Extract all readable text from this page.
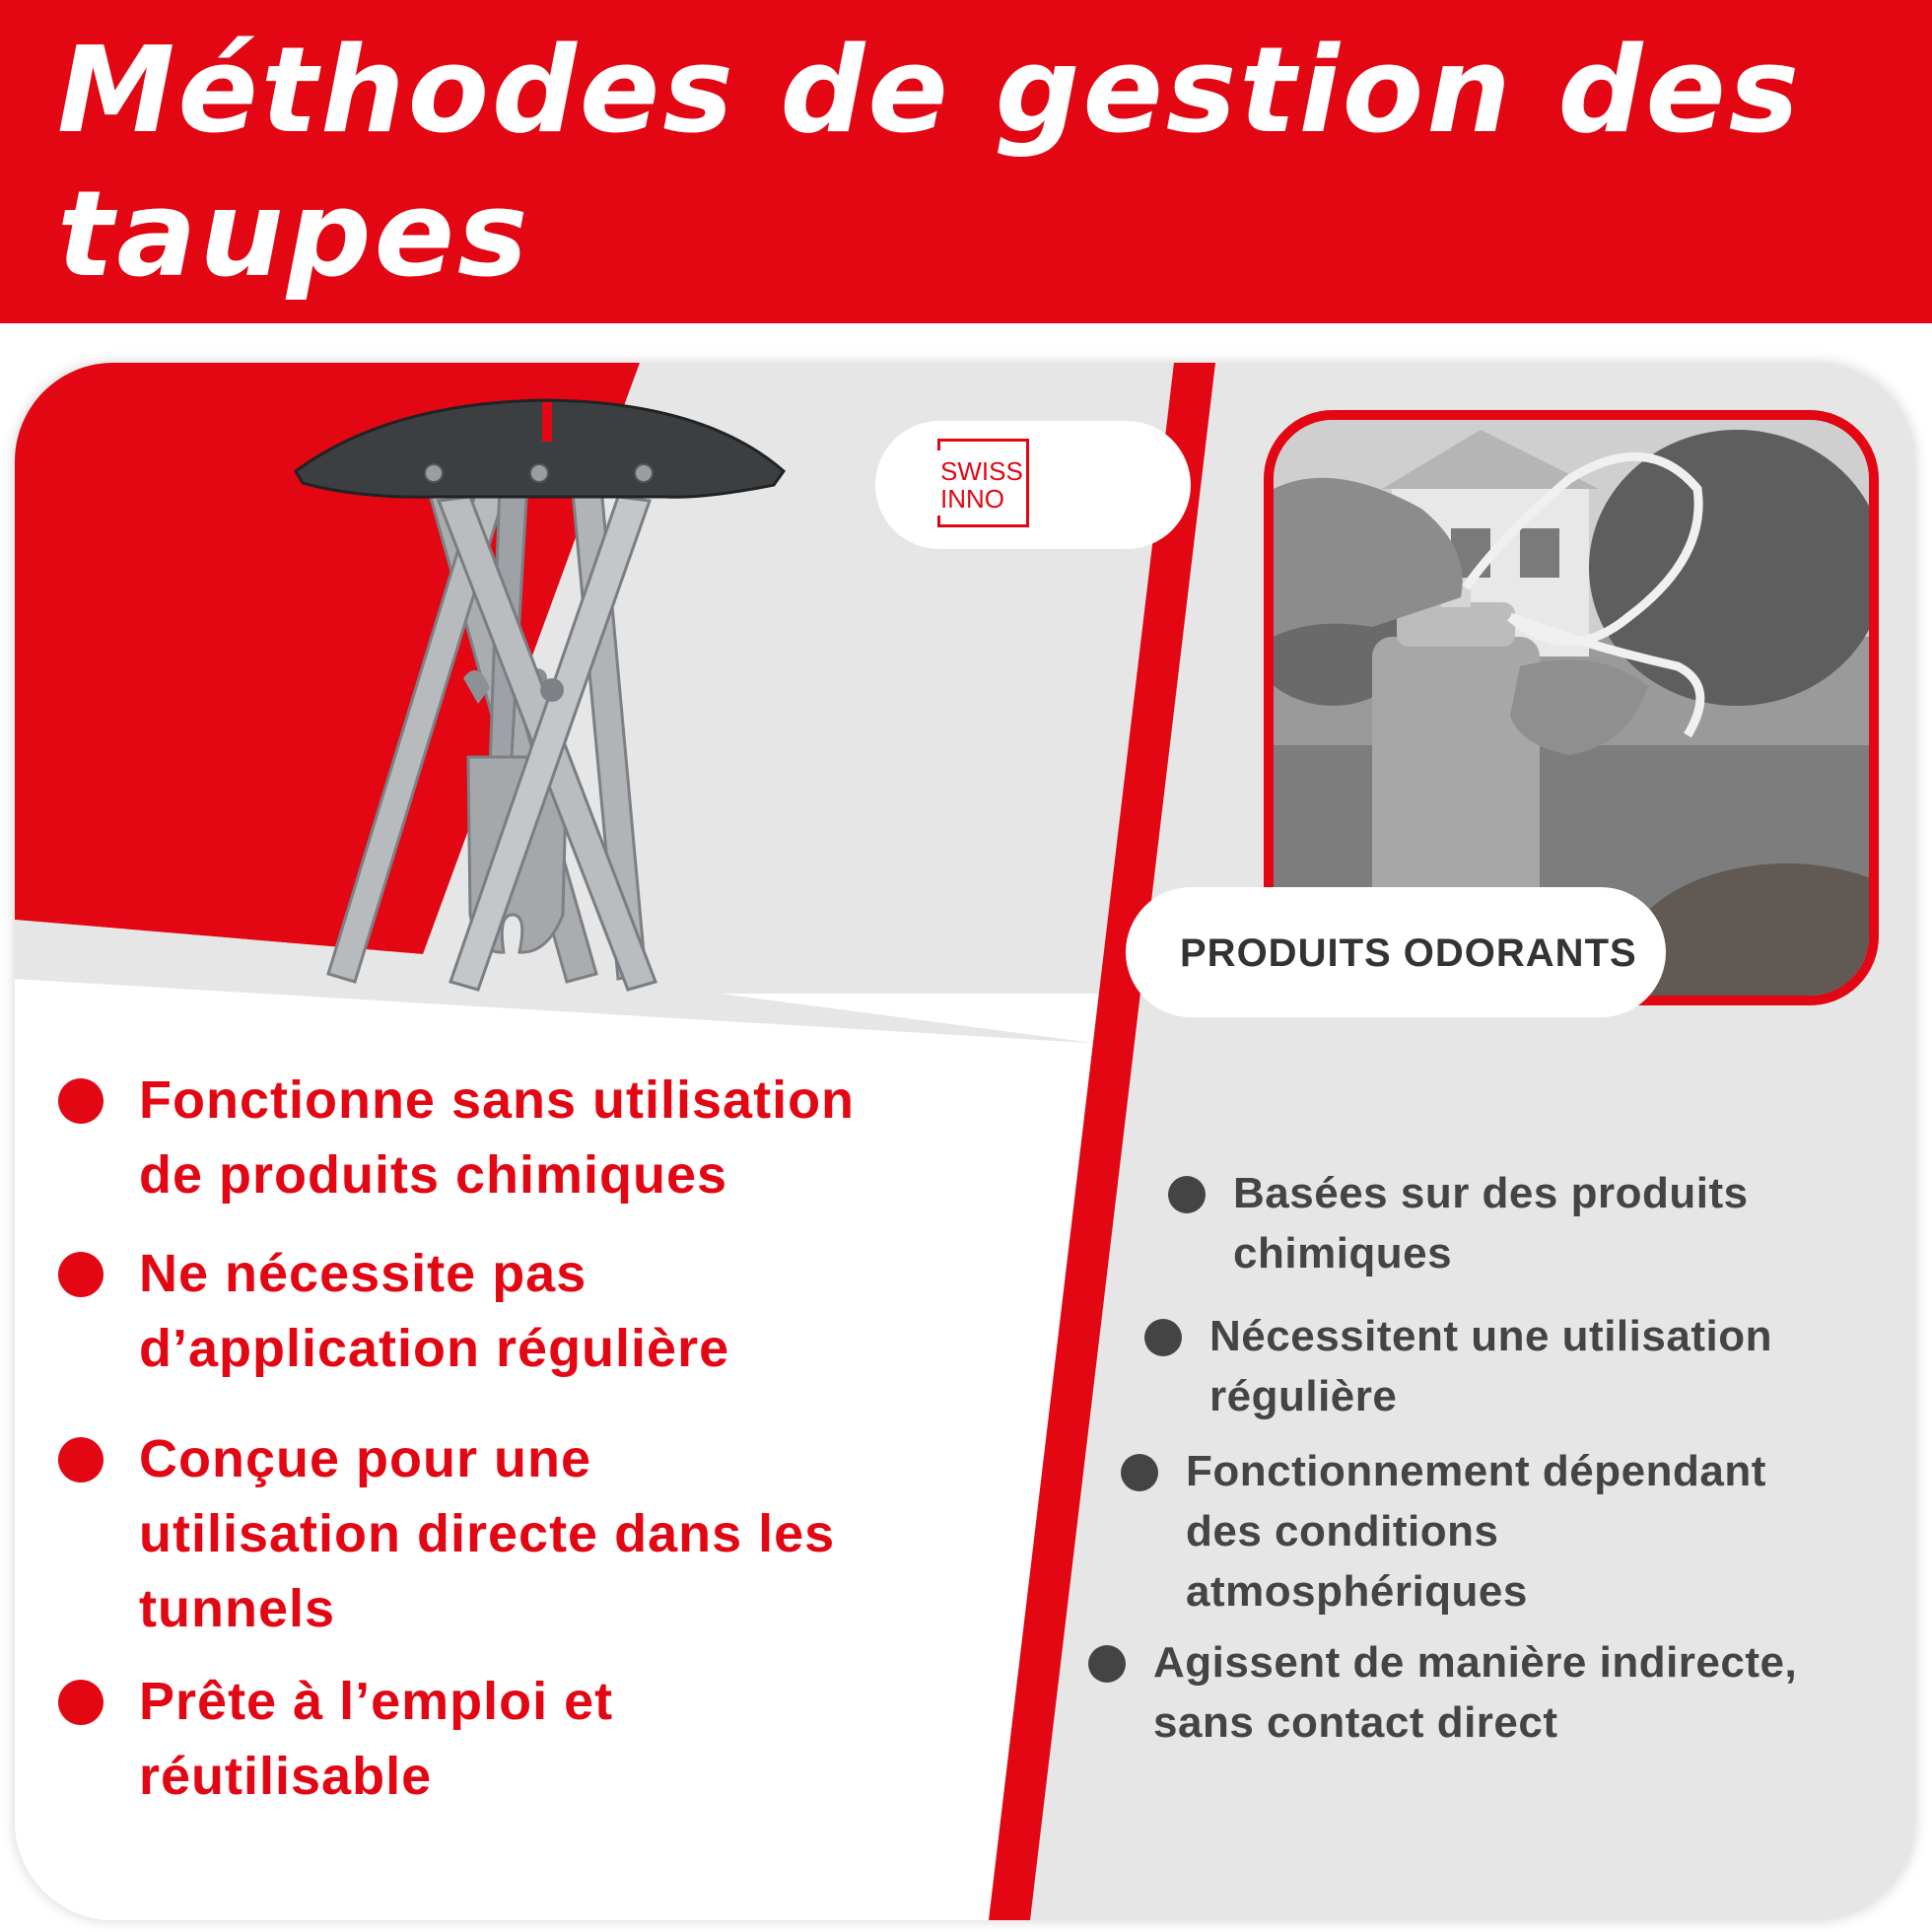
Méthodes de gestion des taupes
SWISS
INNO

PRODUITS ODORANTS

Fonctionne sans utilisation
de produits chimiques
Ne nécessite pas
d’application régulière
Conçue pour une
utilisation directe dans les
tunnels
Prête à l’emploi et
réutilisable
Basées sur des produits
chimiques
Nécessitent une utilisation
régulière
Fonctionnement dépendant
des conditions
atmosphériques
Agissent de manière indirecte,
sans contact direct
